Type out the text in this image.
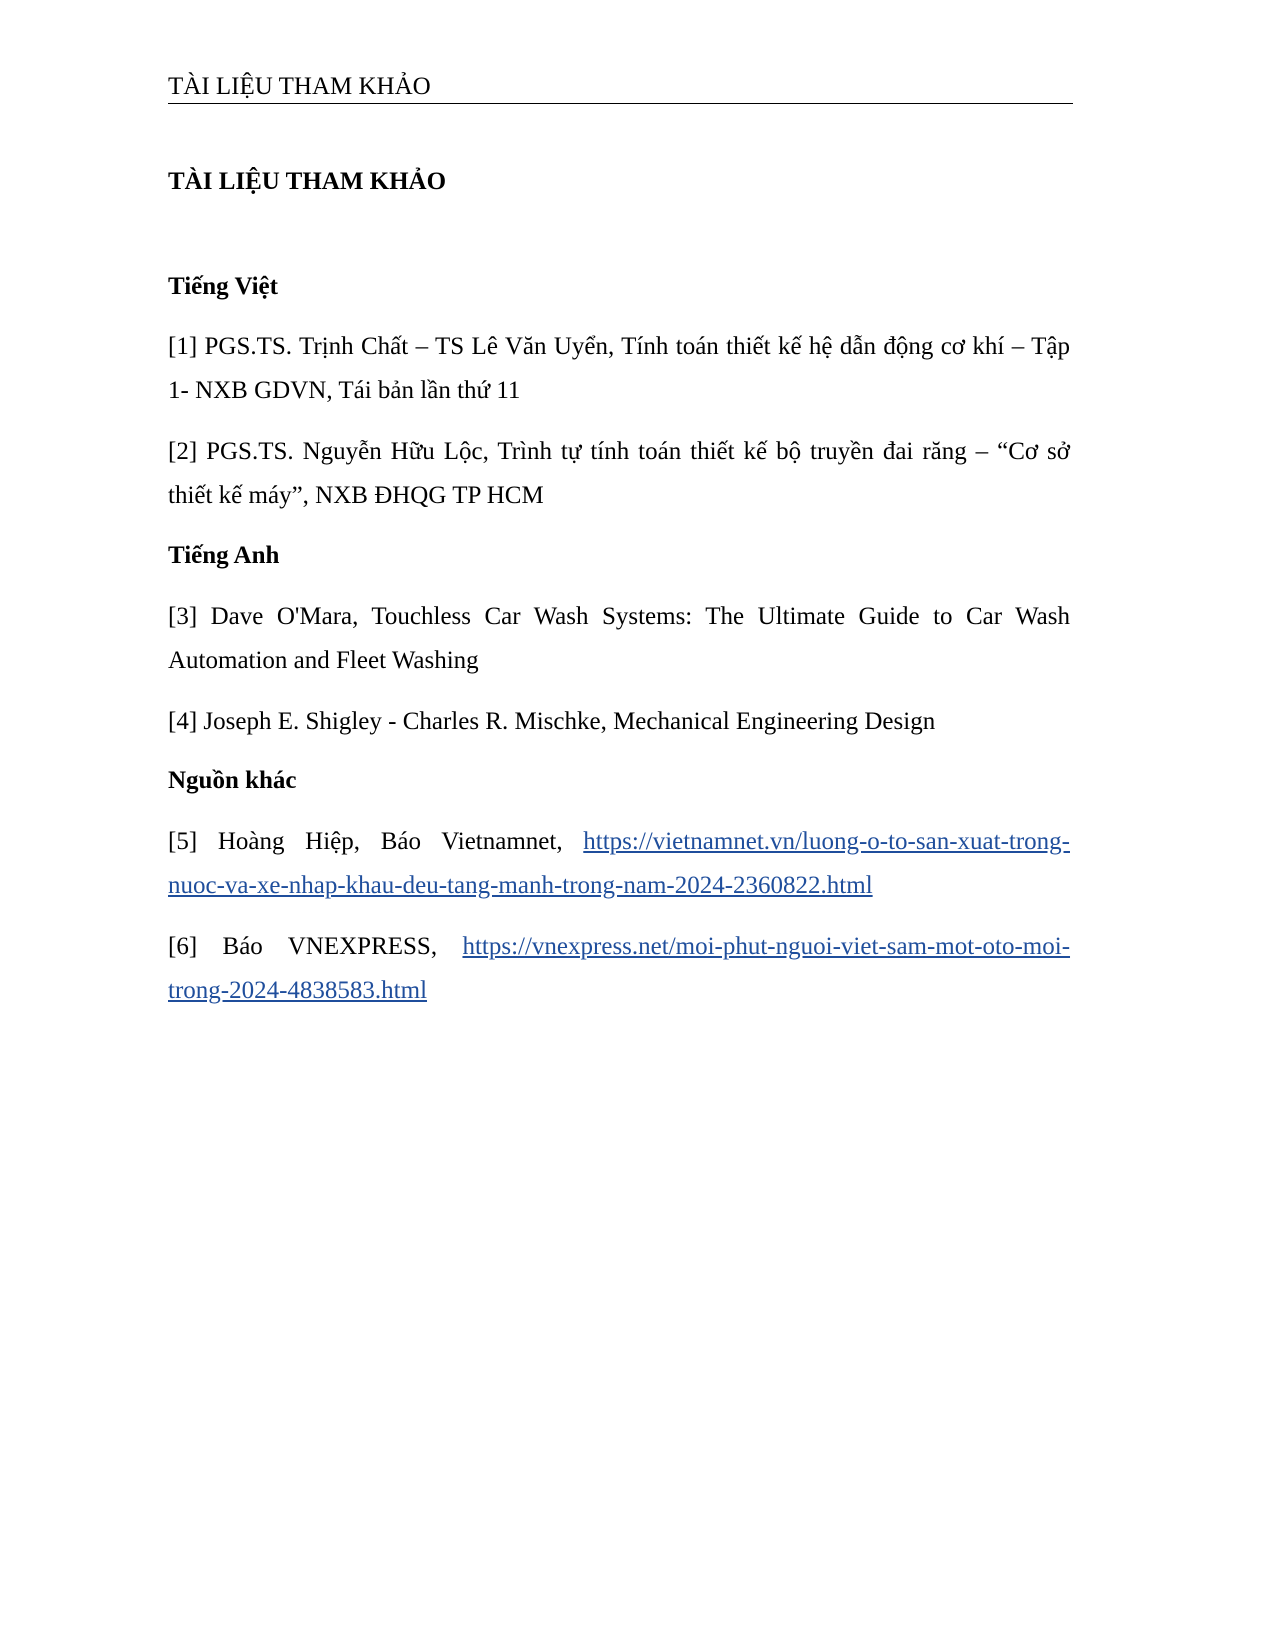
TÀI LIỆU THAM KHẢO
TÀI LIỆU THAM KHẢO
Tiếng Việt
[1] PGS.TS. Trịnh Chất – TS Lê Văn Uyển, Tính toán thiết kế hệ dẫn động cơ khí – Tập
1- NXB GDVN, Tái bản lần thứ 11
[2] PGS.TS. Nguyễn Hữu Lộc, Trình tự tính toán thiết kế bộ truyền đai răng – “Cơ sở
thiết kế máy”, NXB ĐHQG TP HCM
Tiếng Anh
[3] Dave O'Mara, Touchless Car Wash Systems: The Ultimate Guide to Car Wash
Automation and Fleet Washing
[4] Joseph E. Shigley - Charles R. Mischke, Mechanical Engineering Design
Nguồn khác
[5] Hoàng Hiệp, Báo Vietnamnet, https://vietnamnet.vn/luong-o-to-san-xuat-trong-
nuoc-va-xe-nhap-khau-deu-tang-manh-trong-nam-2024-2360822.html
[6] Báo VNEXPRESS, https://vnexpress.net/moi-phut-nguoi-viet-sam-mot-oto-moi-
trong-2024-4838583.html
